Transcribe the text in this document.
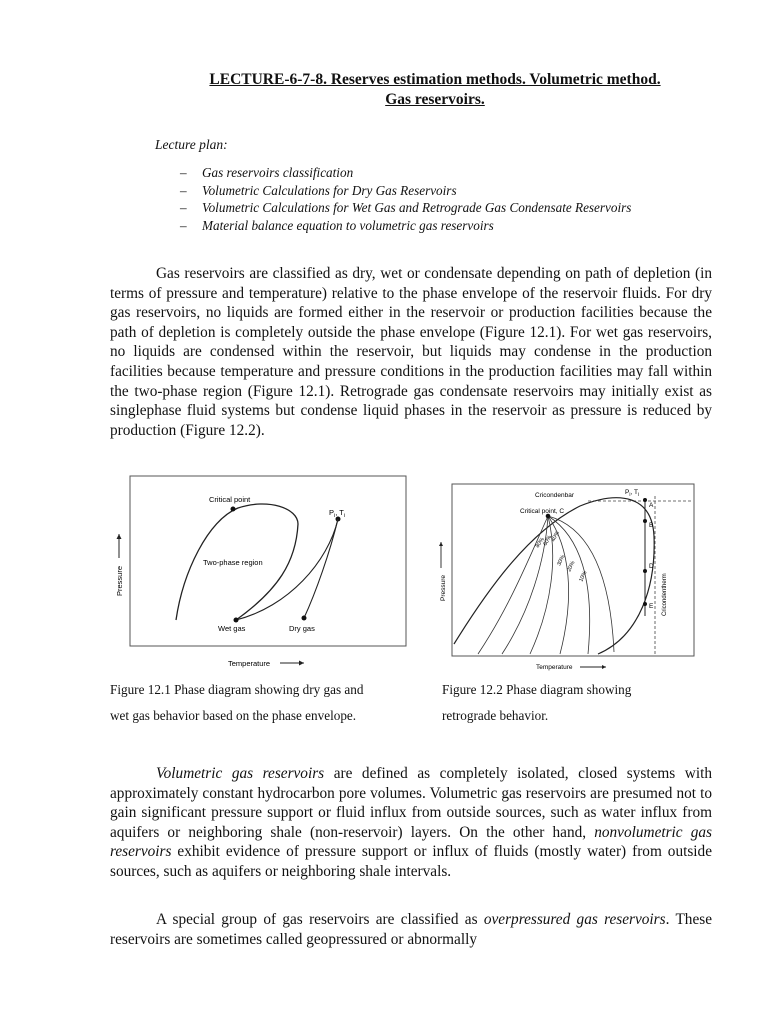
LECTURE-6-7-8. Reserves estimation methods. Volumetric method.
Gas reservoirs.
Lecture plan:
– Gas reservoirs classification
– Volumetric Calculations for Dry Gas Reservoirs
– Volumetric Calculations for Wet Gas and Retrograde Gas Condensate Reservoirs
– Material balance equation to volumetric gas reservoirs

Gas reservoirs are classified as dry, wet or condensate depending on path of depletion (in terms of pressure and temperature) relative to the phase envelope of the reservoir fluids. For dry gas reservoirs, no liquids are formed either in the reservoir or production facilities because the path of depletion is completely outside the phase envelope (Figure 12.1). For wet gas reservoirs, no liquids are condensed within the reservoir, but liquids may condense in the production facilities because temperature and pressure conditions in the production facilities may fall within the two-phase region (Figure 12.1). Retrograde gas condensate reservoirs may initially exist as singlephase fluid systems but condense liquid phases in the reservoir as pressure is reduced by production (Figure 12.2).

Critical point
$P_i$, $T_i$
Two-phase region
Wet gas	Dry gas
Temperature
Pressure
Figure 12.1 Phase diagram showing dry gas and
wet gas behavior based on the phase envelope.
Cricondenbar
Critical point, C
$P_i$, $T_i$
A
B
D
E
80%
60%
40%
30% 20%
10%	Cricondentherm
Temperature
Pressure
Figure 12.2 Phase diagram showing
retrograde behavior.

Volumetric gas reservoirs are defined as completely isolated, closed systems with approximately constant hydrocarbon pore volumes. Volumetric gas reservoirs are presumed not to gain significant pressure support or fluid influx from outside sources, such as water influx from aquifers or neighboring shale (non-reservoir) layers. On the other hand, nonvolumetric gas reservoirs exhibit evidence of pressure support or influx of fluids (mostly water) from outside sources, such as aquifers or neighboring shale intervals.

A special group of gas reservoirs are classified as overpressured gas reservoirs. These reservoirs are sometimes called geopressured or abnormally
